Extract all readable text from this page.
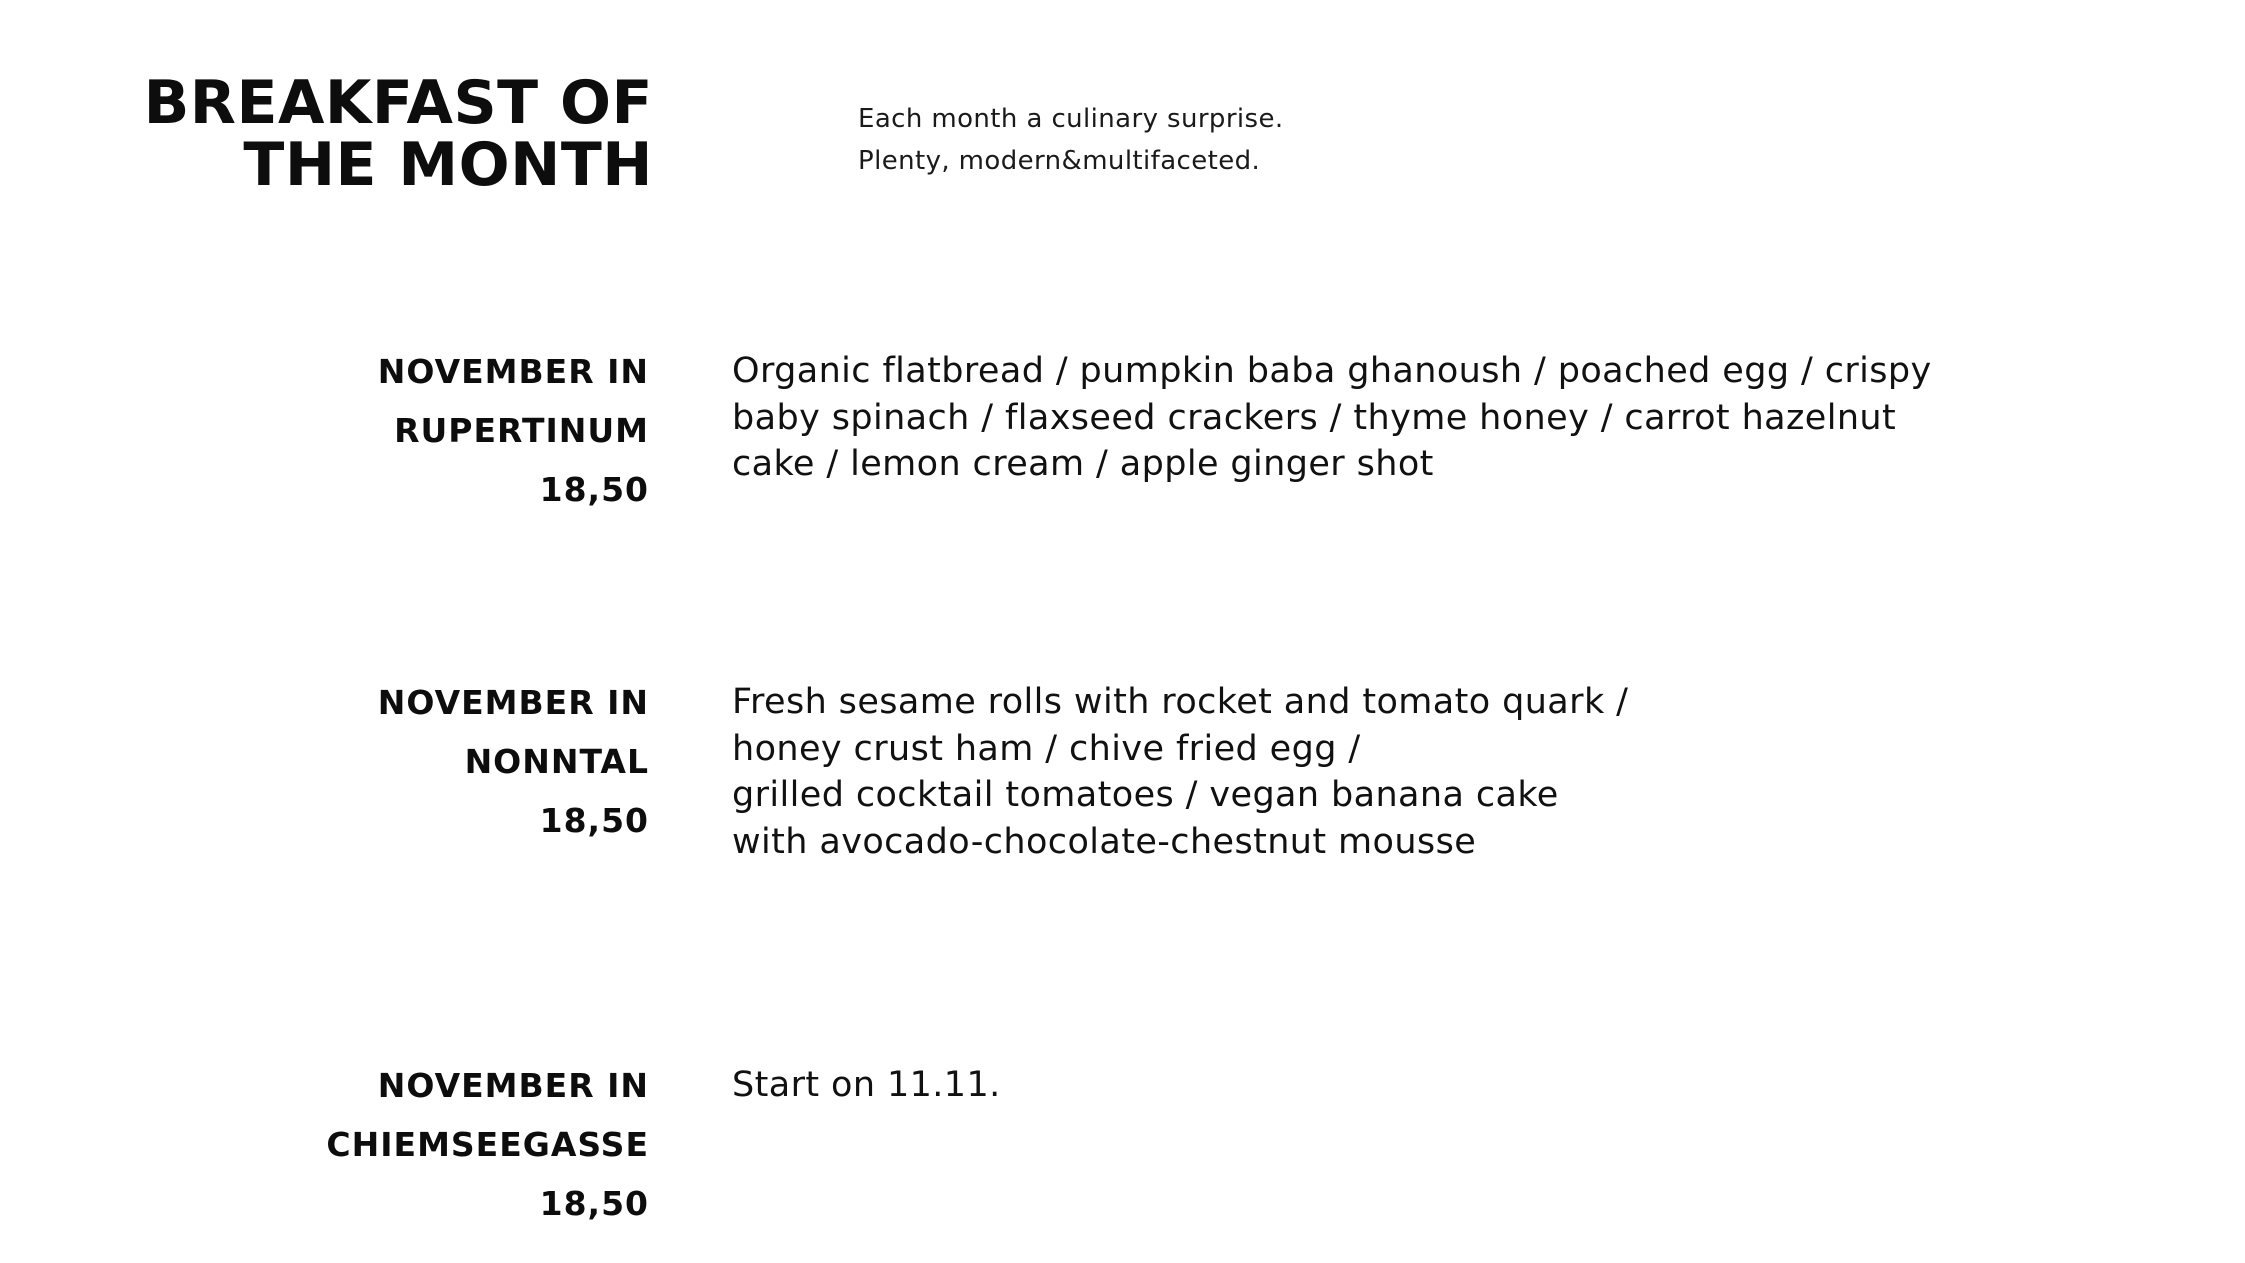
BREAKFAST OF
THE MONTH
Each month a culinary surprise.
Plenty, modern&multifaceted.
NOVEMBER IN
RUPERTINUM
18,50
Organic flatbread / pumpkin baba ghanoush / poached egg / crispy
baby spinach / flaxseed crackers / thyme honey / carrot hazelnut
cake / lemon cream / apple ginger shot
NOVEMBER IN
NONNTAL
18,50
Fresh sesame rolls with rocket and tomato quark /
honey crust ham / chive fried egg /
grilled cocktail tomatoes / vegan banana cake
with avocado-chocolate-chestnut mousse
NOVEMBER IN
CHIEMSEEGASSE
18,50
Start on 11.11.
